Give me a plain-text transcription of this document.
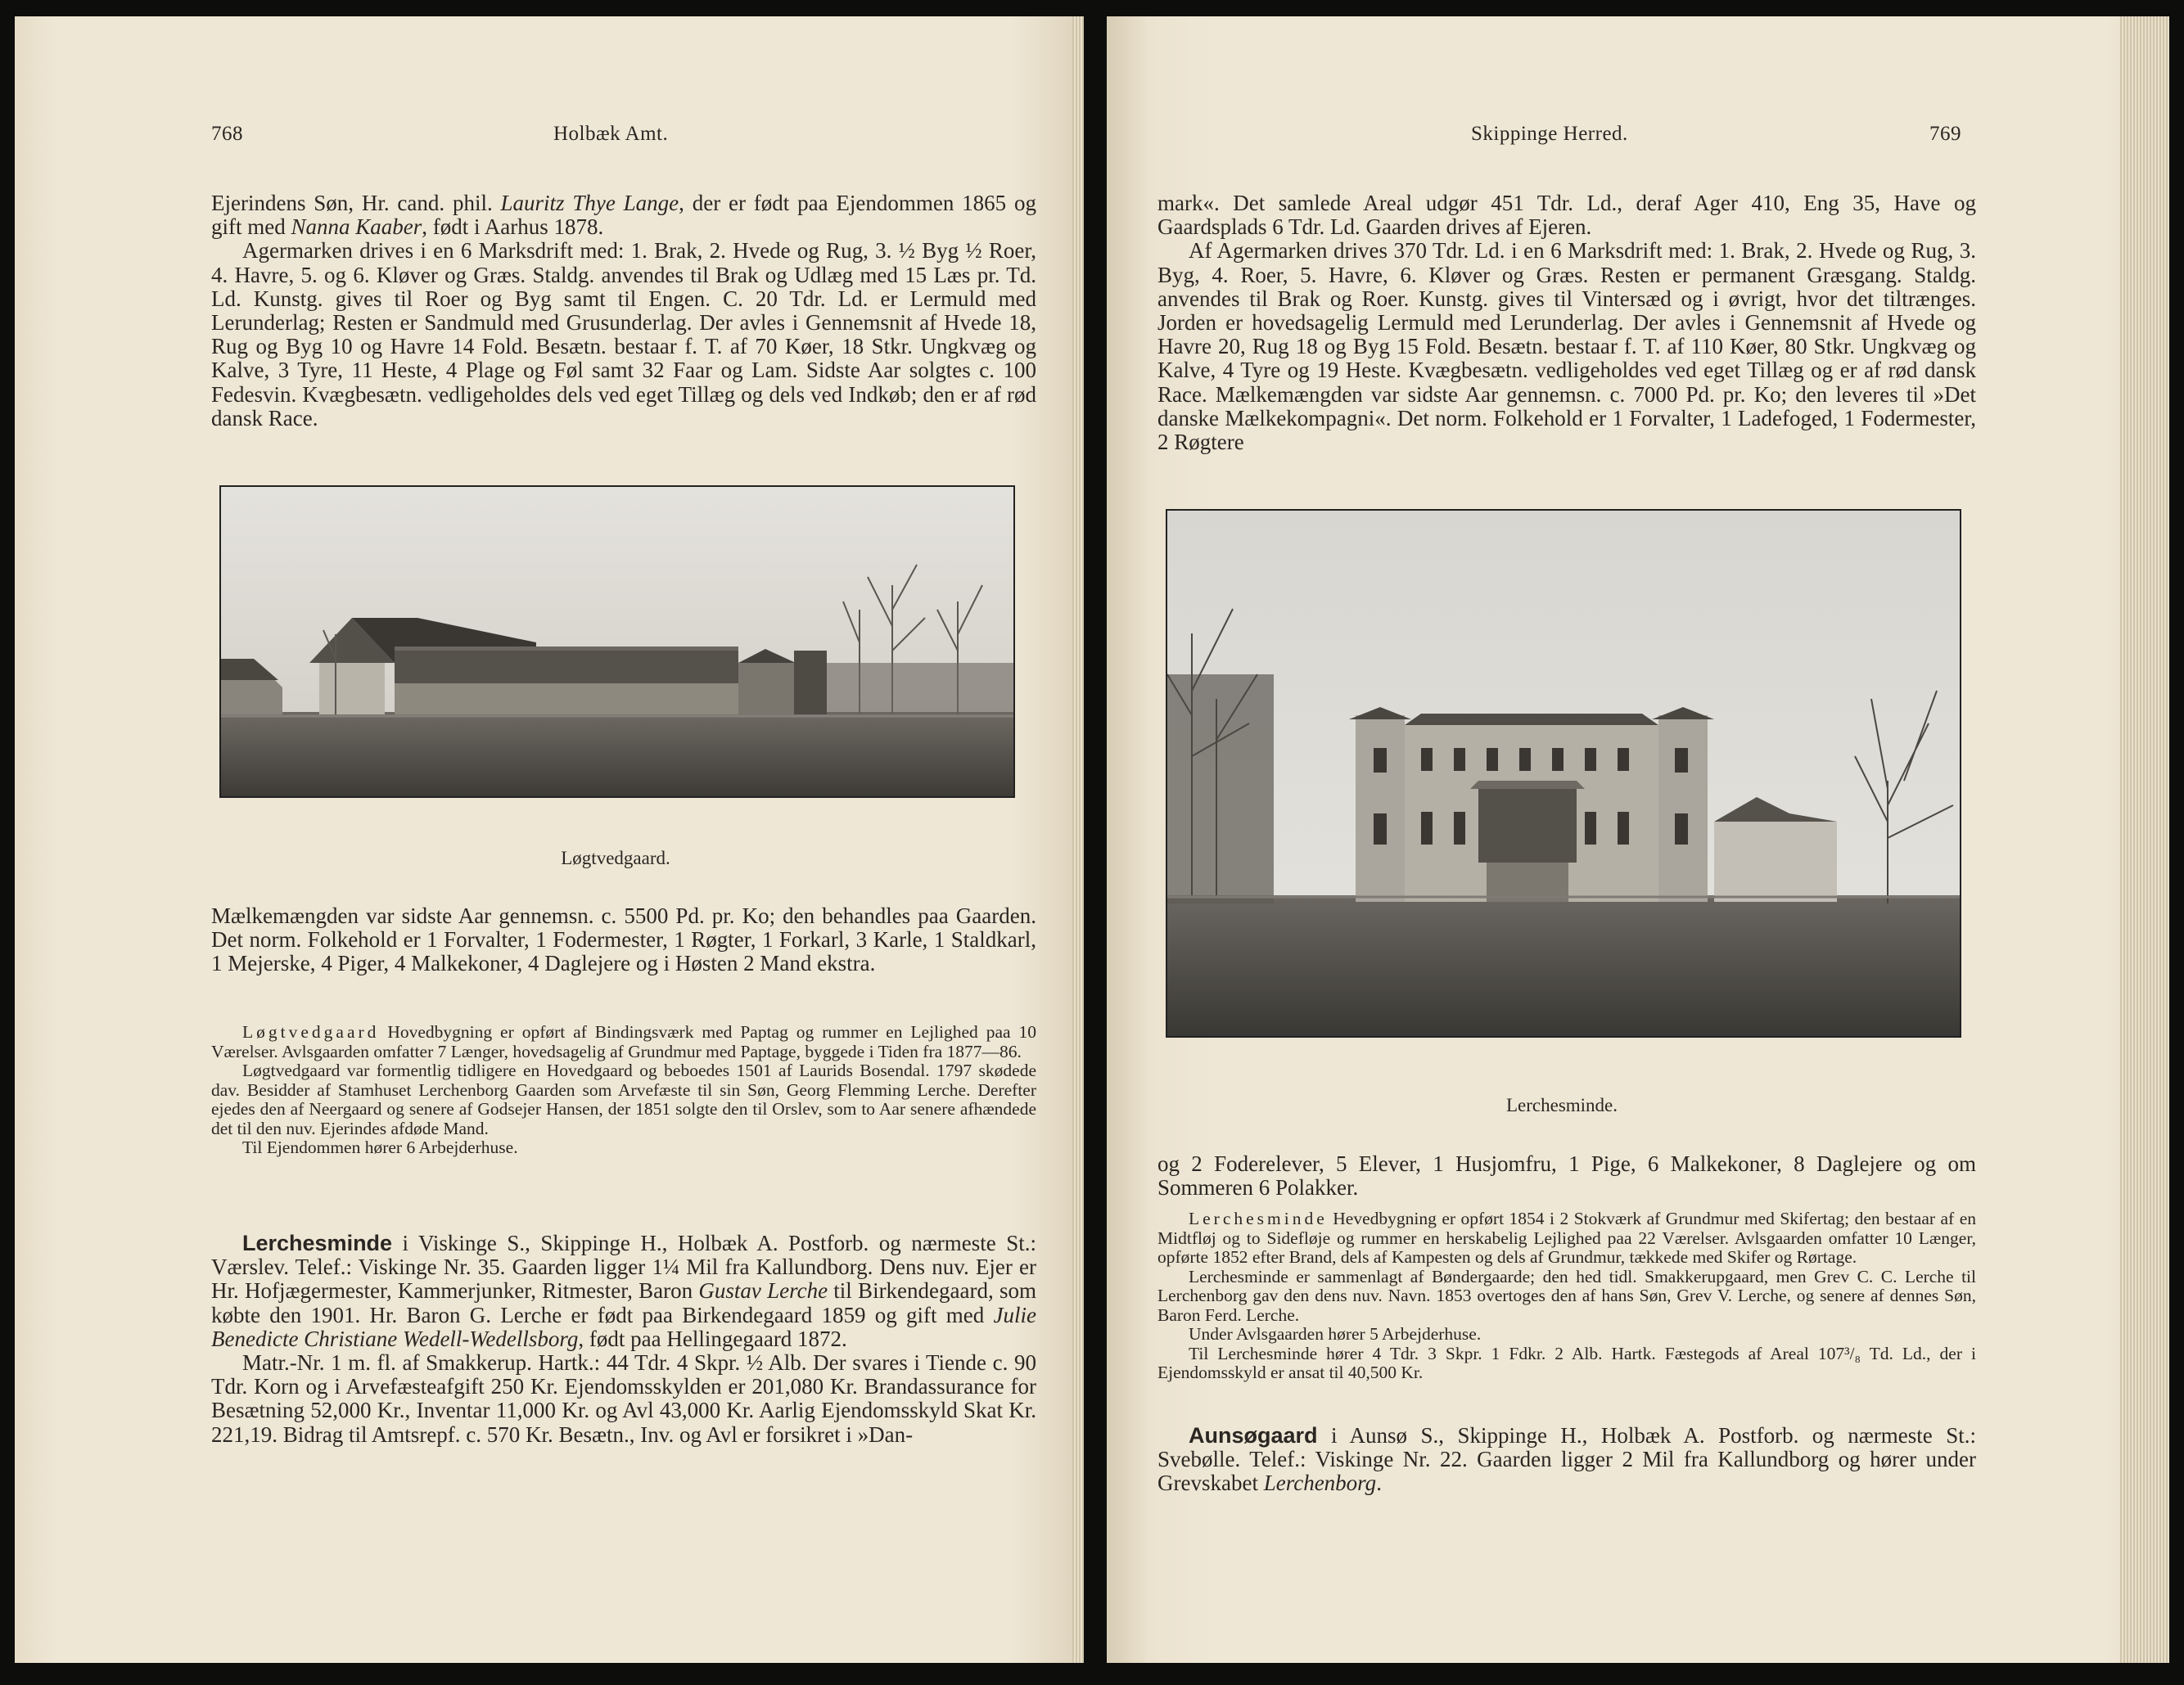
768	Holbæk Amt.

Ejerindens Søn, Hr. cand. phil. Lauritz Thye Lange, der er født paa Ejendommen 1865 og gift med Nanna Kaaber, født i Aarhus 1878.

Agermarken drives i en 6 Marksdrift med: 1. Brak, 2. Hvede og Rug, 3. ½ Byg ½ Roer, 4. Havre, 5. og 6. Kløver og Græs. Staldg. anvendes til Brak og Udlæg med 15 Læs pr. Td. Ld. Kunstg. gives til Roer og Byg samt til Engen. C. 20 Tdr. Ld. er Lermuld med Lerunderlag; Resten er Sandmuld med Grusunderlag. Der avles i Gennemsnit af Hvede 18, Rug og Byg 10 og Havre 14 Fold. Besætn. bestaar f. T. af 70 Køer, 18 Stkr. Ungkvæg og Kalve, 3 Tyre, 11 Heste, 4 Plage og Føl samt 32 Faar og Lam. Sidste Aar solgtes c. 100 Fedesvin. Kvægbesætn. vedligeholdes dels ved eget Tillæg og dels ved Indkøb; den er af rød dansk Race.

Løgtvedgaard.

Mælkemængden var sidste Aar gennemsn. c. 5500 Pd. pr. Ko; den behandles paa Gaarden. Det norm. Folkehold er 1 Forvalter, 1 Fodermester, 1 Røgter, 1 Forkarl, 3 Karle, 1 Staldkarl, 1 Mejerske, 4 Piger, 4 Malkekoner, 4 Daglejere og i Høsten 2 Mand ekstra.

Løgtvedgaard Hovedbygning er opført af Bindingsværk med Paptag og rummer en Lejlighed paa 10 Værelser. Avlsgaarden omfatter 7 Længer, hovedsagelig af Grundmur med Paptage, byggede i Tiden fra 1877—86.

Løgtvedgaard var formentlig tidligere en Hovedgaard og beboedes 1501 af Laurids Bosendal. 1797 skødede dav. Besidder af Stamhuset Lerchenborg Gaarden som Arvefæste til sin Søn, Georg Flemming Lerche. Derefter ejedes den af Neergaard og senere af Godsejer Hansen, der 1851 solgte den til Orslev, som to Aar senere afhændede det til den nuv. Ejerindes afdøde Mand.

Til Ejendommen hører 6 Arbejderhuse.

Lerchesminde i Viskinge S., Skippinge H., Holbæk A. Postforb. og nærmeste St.: Værslev. Telef.: Viskinge Nr. 35. Gaarden ligger 1¼ Mil fra Kallundborg. Dens nuv. Ejer er Hr. Hofjægermester, Kammerjunker, Ritmester, Baron Gustav Lerche til Birkendegaard, som købte den 1901. Hr. Baron G. Lerche er født paa Birkendegaard 1859 og gift med Julie Benedicte Christiane Wedell-Wedellsborg, født paa Hellingegaard 1872.

Matr.-Nr. 1 m. fl. af Smakkerup. Hartk.: 44 Tdr. 4 Skpr. ½ Alb. Der svares i Tiende c. 90 Tdr. Korn og i Arvefæsteafgift 250 Kr. Ejendomsskylden er 201,080 Kr. Brandassurance for Besætning 52,000 Kr., Inventar 11,000 Kr. og Avl 43,000 Kr. Aarlig Ejendomsskyld Skat Kr. 221,19. Bidrag til Amtsrepf. c. 570 Kr. Besætn., Inv. og Avl er forsikret i »Dan-

Skippinge Herred.	769

mark«. Det samlede Areal udgør 451 Tdr. Ld., deraf Ager 410, Eng 35, Have og Gaardsplads 6 Tdr. Ld. Gaarden drives af Ejeren.

Af Agermarken drives 370 Tdr. Ld. i en 6 Marksdrift med: 1. Brak, 2. Hvede og Rug, 3. Byg, 4. Roer, 5. Havre, 6. Kløver og Græs. Resten er permanent Græsgang. Staldg. anvendes til Brak og Roer. Kunstg. gives til Vintersæd og i øvrigt, hvor det tiltrænges. Jorden er hovedsagelig Lermuld med Lerunderlag. Der avles i Gennemsnit af Hvede og Havre 20, Rug 18 og Byg 15 Fold. Besætn. bestaar f. T. af 110 Køer, 80 Stkr. Ungkvæg og Kalve, 4 Tyre og 19 Heste. Kvægbesætn. vedligeholdes ved eget Tillæg og er af rød dansk Race. Mælkemængden var sidste Aar gennemsn. c. 7000 Pd. pr. Ko; den leveres til »Det danske Mælkekompagni«. Det norm. Folkehold er 1 Forvalter, 1 Ladefoged, 1 Fodermester, 2 Røgtere

Lerchesminde.

og 2 Foderelever, 5 Elever, 1 Husjomfru, 1 Pige, 6 Malkekoner, 8 Daglejere og om Sommeren 6 Polakker.

Lerchesminde Hevedbygning er opført 1854 i 2 Stokværk af Grundmur med Skifertag; den bestaar af en Midtfløj og to Sidefløje og rummer en herskabelig Lejlighed paa 22 Værelser. Avlsgaarden omfatter 10 Længer, opførte 1852 efter Brand, dels af Kampesten og dels af Grundmur, tækkede med Skifer og Rørtage.

Lerchesminde er sammenlagt af Bøndergaarde; den hed tidl. Smakkerupgaard, men Grev C. C. Lerche til Lerchenborg gav den dens nuv. Navn. 1853 overtoges den af hans Søn, Grev V. Lerche, og senere af dennes Søn, Baron Ferd. Lerche.

Under Avlsgaarden hører 5 Arbejderhuse.

Til Lerchesminde hører 4 Tdr. 3 Skpr. 1 Fdkr. 2 Alb. Hartk. Fæstegods af Areal 107³/₈ Td. Ld., der i Ejendomsskyld er ansat til 40,500 Kr.

Aunsøgaard i Aunsø S., Skippinge H., Holbæk A. Postforb. og nærmeste St.: Svebølle. Telef.: Viskinge Nr. 22. Gaarden ligger 2 Mil fra Kallundborg og hører under Grevskabet Lerchenborg.
